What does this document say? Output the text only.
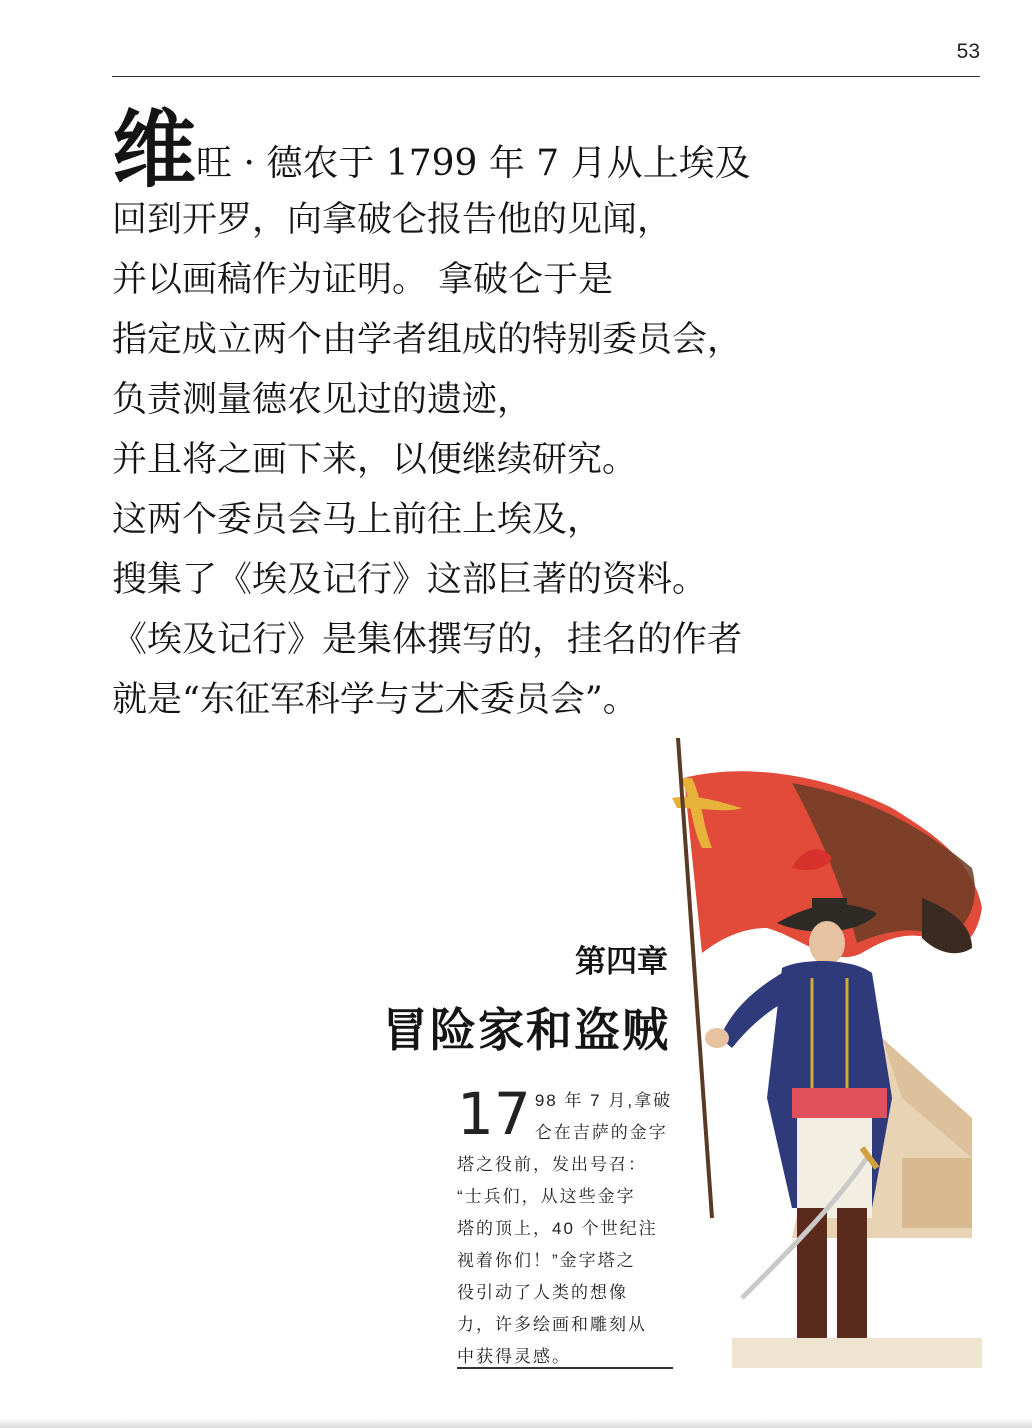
53
维 旺 · 德农于 1799 年 7 月从上埃及
回到开罗，向拿破仑报告他的见闻，
并以画稿作为证明。 拿破仑于是
指定成立两个由学者组成的特别委员会，
负责测量德农见过的遗迹，
并且将之画下来，以便继续研究。
这两个委员会马上前往上埃及，
搜集了《埃及记行》这部巨著的资料。
《埃及记行》是集体撰写的，挂名的作者
就是“东征军科学与艺术委员会”。
第四章
冒险家和盗贼
17 98 年 7 月,拿破
仑在吉萨的金字
塔之役前，发出号召：
“士兵们，从这些金字
塔的顶上，40 个世纪注
视着你们！”金字塔之
役引动了人类的想像
力，许多绘画和雕刻从
中获得灵感。
